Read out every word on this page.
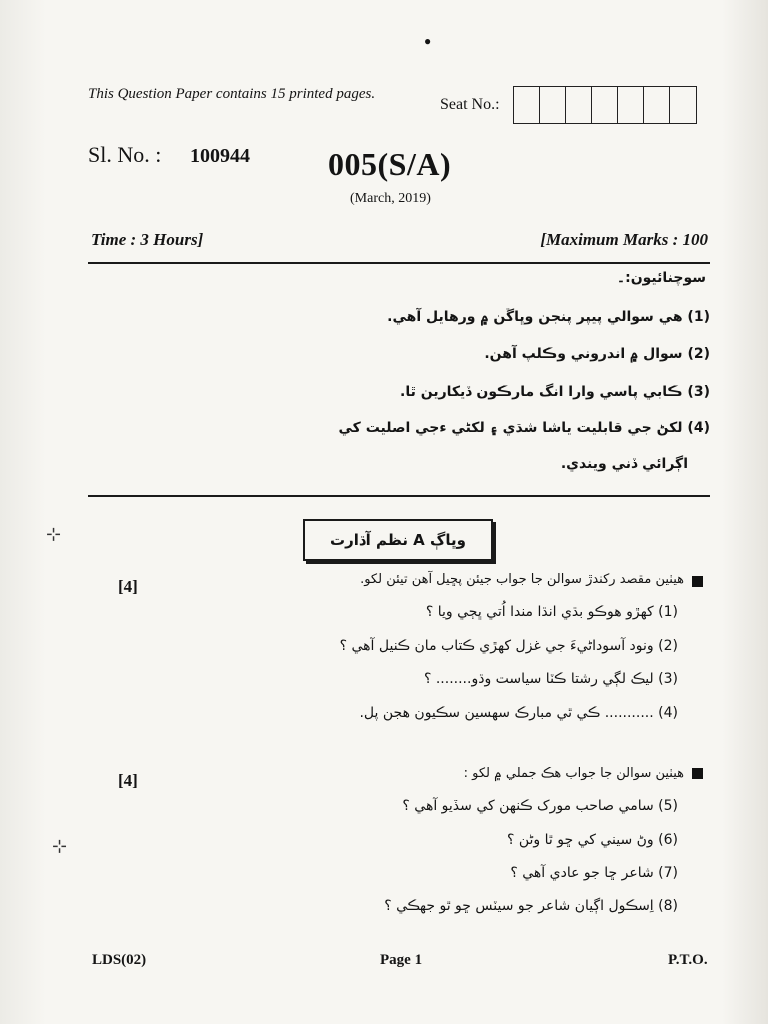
●
This Question Paper contains 15 printed pages.
Seat No.:
Sl. No. : 100944 005(S/A)
(March, 2019)
Time : 3 Hours]	[Maximum Marks : 100
سوچنائيون:۔
(1) هي سوالي پيپر پنجن وڀاڱن ۾ ورهايل آهي.
(2) سوال ۾ اندروني وڪلپ آهن.
(3) ڪابي پاسي وارا انگ مارڪون ڏيکارين ٿا.
(4) لکڻ جي قابليت ياشا شڌي ۽ لکڻي ءجي اصليت کي
اڳرائي ڏني ويندي.
⊹
⊹
وڀاڳ A نظم آڌارت
[4]	هيٺين مقصد رکندڙ سوالن جا جواب جيئن پڇيل آهن تيئن لکو.
(1) کهڙو هوڪو بڌي انڌا مندا اُتي ڀڄي ويا ؟
(2) ونود آسوداڻيءَ جي غزل کهڙي ڪتاب مان ڪنيل آهي ؟
(3) ليڪ لڳي رشتا ڪٽا سياست وڌو........ ؟
(4) ........... ڪي ٿي مبارڪ سهسين سڪيون هجن پل.
[4]	هيٺين سوالن جا جواب هڪ جملي ۾ لکو :
(5) سامي صاحب مورک ڪنهن کي سڏيو آهي ؟
(6) وڻ سيني کي ڇو ٿا وڻن ؟
(7) شاعر ڇا جو عادي آهي ؟
(8) اِسڪول اڳيان شاعر جو سيٽس ڇو ٿو جهڪي ؟
LDS(02)	Page 1	P.T.O.
